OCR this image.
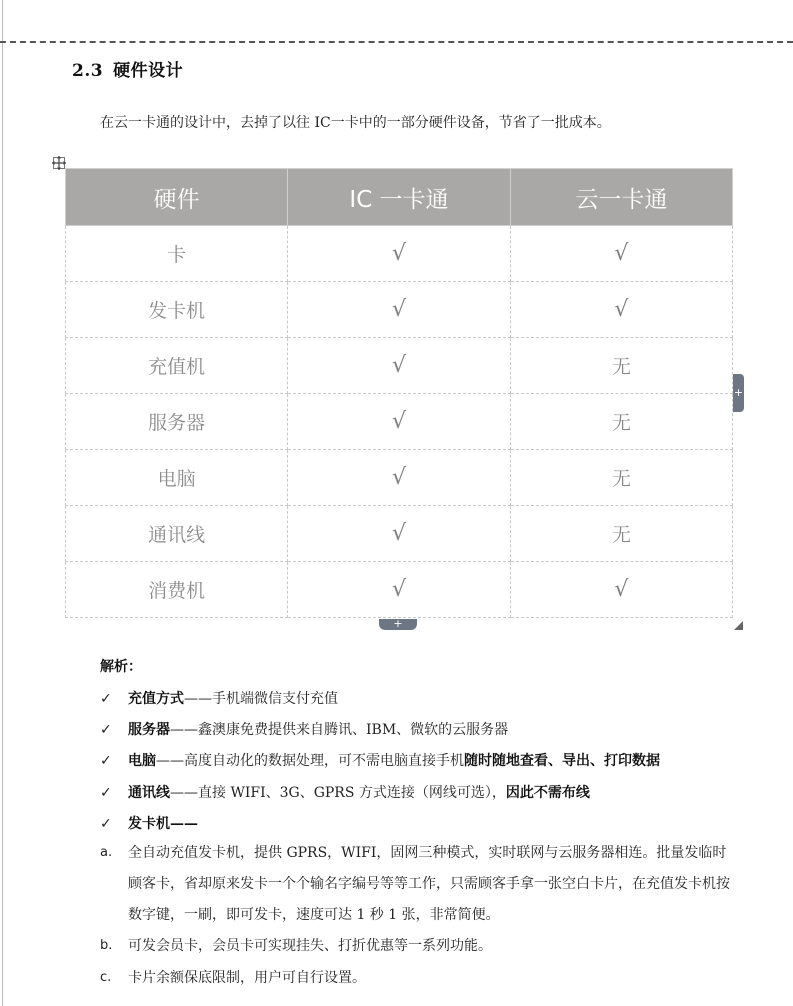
2.3 硬件设计
在云一卡通的设计中，去掉了以往 IC一卡中的一部分硬件设备，节省了一批成本。
硬件	IC 一卡通	云一卡通
卡	√	√
发卡机	√	√
充值机	√	无
服务器	√	无
电脑	√	无
通讯线	√	无
消费机	√	√
+
+
解析：
✓ 充值方式——手机端微信支付充值
✓ 服务器——鑫澳康免费提供来自腾讯、IBM、微软的云服务器
✓ 电脑——高度自动化的数据处理，可不需电脑直接手机随时随地查看、导出、打印数据
✓ 通讯线——直接 WIFI、3G、GPRS 方式连接（网线可选），因此不需布线
✓ 发卡机——
a. 全自动充值发卡机，提供 GPRS，WIFI，固网三种模式，实时联网与云服务器相连。批量发临时顾客卡，省却原来发卡一个个输名字编号等等工作，只需顾客手拿一张空白卡片，在充值发卡机按数字键，一刷，即可发卡，速度可达 1 秒 1 张，非常简便。
b. 可发会员卡，会员卡可实现挂失、打折优惠等一系列功能。
c. 卡片余额保底限制，用户可自行设置。
